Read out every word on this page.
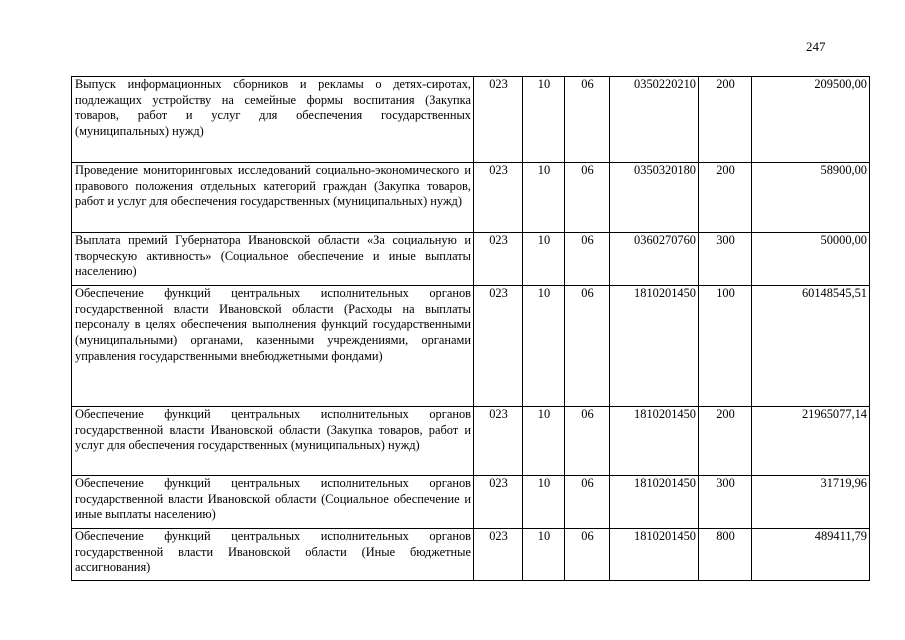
247
Выпуск информационных сборников и рекламы о детях-сиротах, подлежащих устройству на семейные формы воспитания (Закупка товаров, работ и услуг для обеспечения государственных (муниципальных) нужд)	023	10	06	0350220210	200	209500,00
Проведение мониторинговых исследований социально-экономического и правового положения отдельных категорий граждан (Закупка товаров, работ и услуг для обеспечения государственных (муниципальных) нужд)	023	10	06	0350320180	200	58900,00
Выплата премий Губернатора Ивановской области «За социальную и творческую активность» (Социальное обеспечение и иные выплаты населению)	023	10	06	0360270760	300	50000,00
Обеспечение функций центральных исполнительных органов государственной власти Ивановской области (Расходы на выплаты персоналу в целях обеспечения выполнения функций государственными (муниципальными) органами, казенными учреждениями, органами управления государственными внебюджетными фондами)	023	10	06	1810201450	100	60148545,51
Обеспечение функций центральных исполнительных органов государственной власти Ивановской области (Закупка товаров, работ и услуг для обеспечения государственных (муниципальных) нужд)	023	10	06	1810201450	200	21965077,14
Обеспечение функций центральных исполнительных органов государственной власти Ивановской области (Социальное обеспечение и иные выплаты населению)	023	10	06	1810201450	300	31719,96
Обеспечение функций центральных исполнительных органов государственной власти Ивановской области (Иные бюджетные ассигнования)	023	10	06	1810201450	800	489411,79
